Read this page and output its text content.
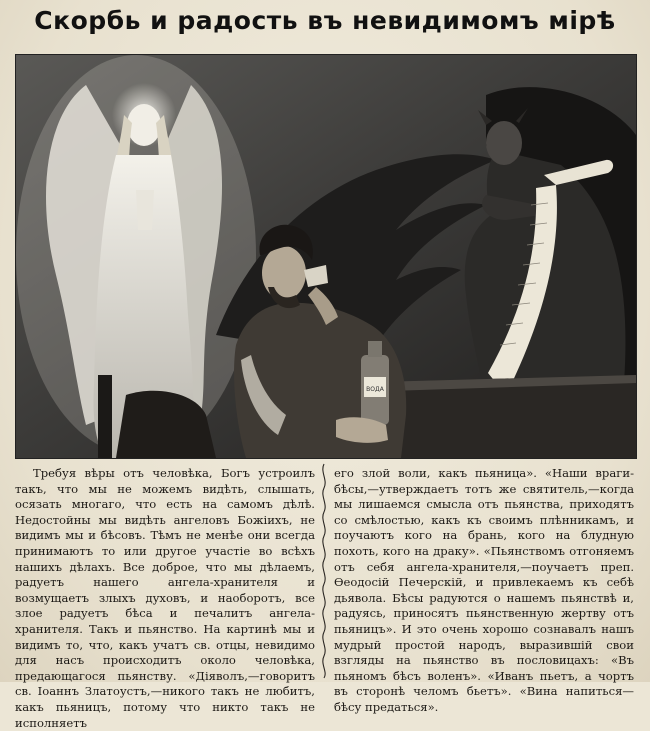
Скорбь и радость въ невидимомъ мірѣ
ВОДА

Требуя вѣры отъ человѣка, Богъ устроилъ такъ, что мы не можемъ видѣть, слышать, осязать многаго, что есть на самомъ дѣлѣ. Недостойны мы видѣть ангеловъ Божіихъ, не видимъ мы и бѣсовъ. Тѣмъ не менѣе они всегда принимаютъ то или другое участіе во всѣхъ нашихъ дѣлахъ. Все доброе, что мы дѣлаемъ, радуетъ нашего ангела-хранителя и возмущаетъ злыхъ духовъ, и наоборотъ, все злое радуетъ бѣса и печалитъ ангела-хранителя. Такъ и пьянство. На картинѣ мы и видимъ то, что, какъ учатъ св. отцы, невидимо для насъ происходитъ около человѣка, предающагося пьянству. «Діяволъ,—говоритъ св. Іоаннъ Златоустъ,—никого такъ не любитъ, какъ пьяницъ, потому что никто такъ не исполняетъ

его злой воли, какъ пьяница». «Наши враги-бѣсы,—утверждаетъ тотъ же святитель,—когда мы лишаемся смысла отъ пьянства, приходятъ со смѣлостью, какъ къ своимъ плѣнникамъ, и поучаютъ кого на брань, кого на блудную похоть, кого на драку». «Пьянствомъ отгоняемъ отъ себя ангела-хранителя,—поучаетъ преп. Ѳеодосій Печерскій, и привлекаемъ къ себѣ дьявола. Бѣсы радуются о нашемъ пьянствѣ и, радуясь, приносятъ пьянственную жертву отъ пьяницъ». И это очень хорошо сознавалъ нашъ мудрый простой народъ, выразившій свои взгляды на пьянство въ пословицахъ: «Въ пьяномъ бѣсъ воленъ». «Иванъ пьетъ, а чортъ въ сторонѣ челомъ бьетъ». «Вина напиться—бѣсу предаться».
